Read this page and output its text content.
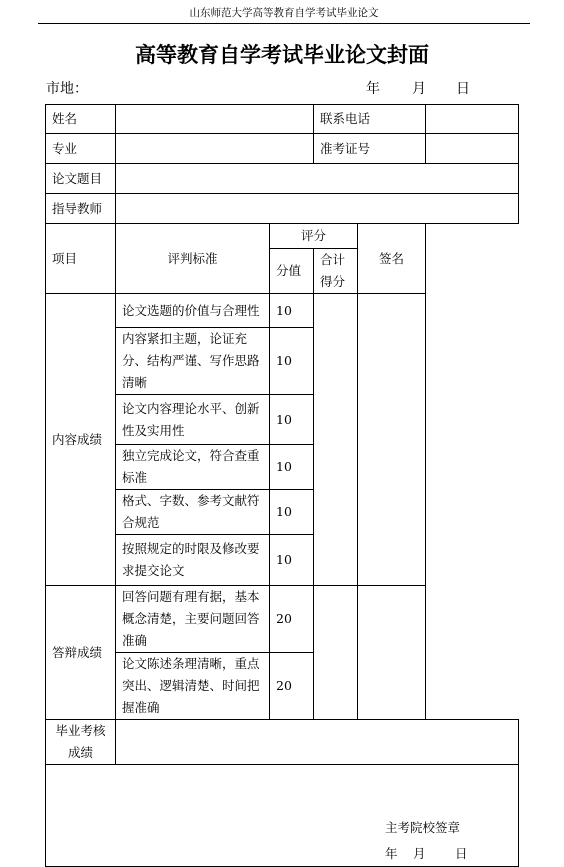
山东师范大学高等教育自学考试毕业论文
高等教育自学考试毕业论文封面
市地：	年 月 日
姓名			联系电话		
专业			准考证号		
论文题目					
指导教师					
项目	评判标准	评分		签名	
		分值	合计得分		
内容成绩	论文选题的价值与合理性	10			
	内容紧扣主题，论证充分、结构严谨、写作思路清晰	10			
	论文内容理论水平、创新性及实用性	10			
	独立完成论文，符合查重标准	10			
	格式、字数、参考文献符合规范	10			
	按照规定的时限及修改要求提交论文	10			
答辩成绩	回答问题有理有据，基本概念清楚，主要问题回答准确	20			
	论文陈述条理清晰，重点突出、逻辑清楚、时间把握准确	20			
毕业考核成绩					

主考院校签章
年 月 日					
